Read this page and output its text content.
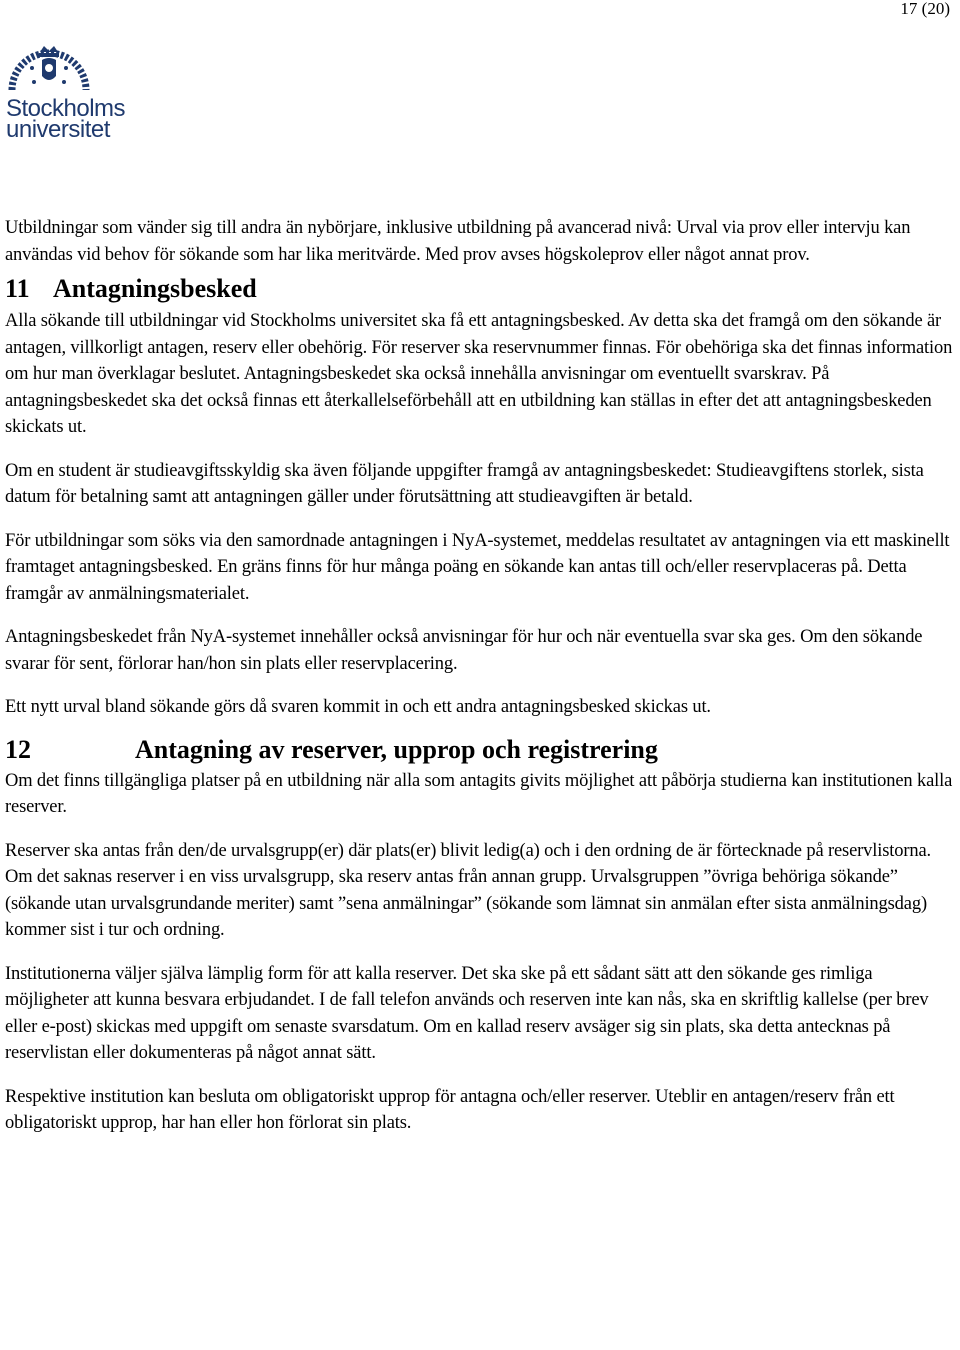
17 (20)
Stockholms
universitet

Utbildningar som vänder sig till andra än nybörjare, inklusive utbildning på avancerad nivå: Urval via prov eller intervju kan användas vid behov för sökande som har lika meritvärde. Med prov avses högskoleprov eller något annat prov.

11 Antagningsbesked

Alla sökande till utbildningar vid Stockholms universitet ska få ett antagningsbesked. Av detta ska det framgå om den sökande är antagen, villkorligt antagen, reserv eller obehörig. För reserver ska reservnummer finnas. För obehöriga ska det finnas information om hur man överklagar beslutet. Antagningsbeskedet ska också innehålla anvisningar om eventuellt svarskrav. På antagningsbeskedet ska det också finnas ett återkallelseförbehåll att en utbildning kan ställas in efter det att antagningsbeskeden skickats ut.

Om en student är studieavgiftsskyldig ska även följande uppgifter framgå av antagningsbeskedet: Studieavgiftens storlek, sista datum för betalning samt att antagningen gäller under förutsättning att studieavgiften är betald.

För utbildningar som söks via den samordnade antagningen i NyA-systemet, meddelas resultatet av antagningen via ett maskinellt framtaget antagningsbesked. En gräns finns för hur många poäng en sökande kan antas till och/eller reservplaceras på. Detta framgår av anmälningsmaterialet.

Antagningsbeskedet från NyA-systemet innehåller också anvisningar för hur och när eventuella svar ska ges. Om den sökande svarar för sent, förlorar han/hon sin plats eller reservplacering.

Ett nytt urval bland sökande görs då svaren kommit in och ett andra antagningsbesked skickas ut.

12	Antagning av reserver, upprop och registrering

Om det finns tillgängliga platser på en utbildning när alla som antagits givits möjlighet att påbörja studierna kan institutionen kalla reserver.

Reserver ska antas från den/de urvalsgrupp(er) där plats(er) blivit ledig(a) och i den ordning de är förtecknade på reservlistorna. Om det saknas reserver i en viss urvalsgrupp, ska reserv antas från annan grupp. Urvalsgruppen ”övriga behöriga sökande” (sökande utan urvalsgrundande meriter) samt ”sena anmälningar” (sökande som lämnat sin anmälan efter sista anmälningsdag) kommer sist i tur och ordning.

Institutionerna väljer själva lämplig form för att kalla reserver. Det ska ske på ett sådant sätt att den sökande ges rimliga möjligheter att kunna besvara erbjudandet. I de fall telefon används och reserven inte kan nås, ska en skriftlig kallelse (per brev eller e-post) skickas med uppgift om senaste svarsdatum. Om en kallad reserv avsäger sig sin plats, ska detta antecknas på reservlistan eller dokumenteras på något annat sätt.

Respektive institution kan besluta om obligatoriskt upprop för antagna och/eller reserver. Uteblir en antagen/reserv från ett obligatoriskt upprop, har han eller hon förlorat sin plats.
